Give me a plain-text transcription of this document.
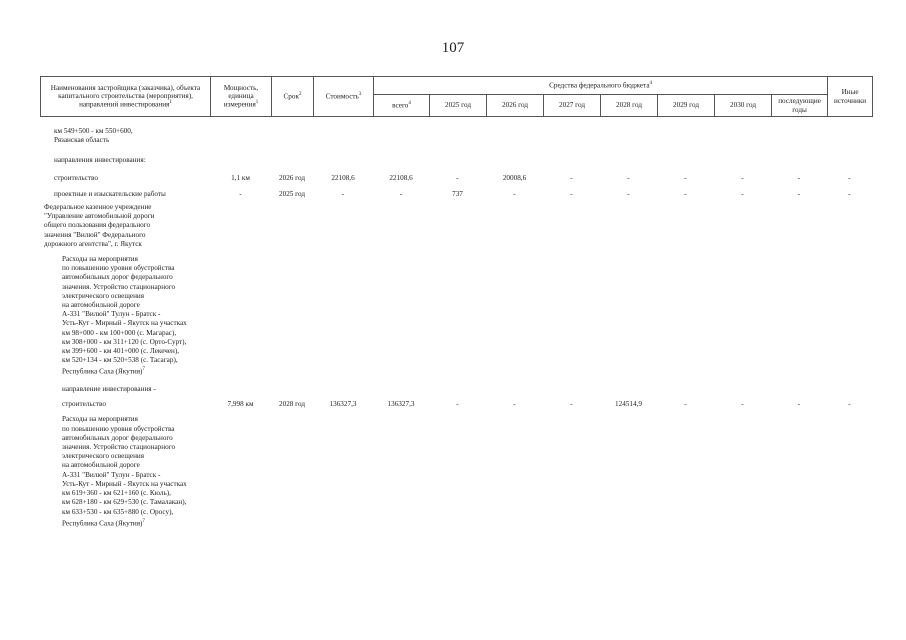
107
Наименования застройщика (заказчика), объекта капитального строительства (мероприятия), направлений инвестирования$^1$	Мощность, единица измерения$^1$	Срок$^2$	Стоимость$^3$	Средства федерального бюджета$^4$								Иные источники
				всего$^4$	2025 год	2026 год	2027 год	2028 год	2029 год	2030 год	последующие годы	
км 549+500 - км 550+600,
Рязанская область
направления инвестирования:
строительство	1,1 км	2026 год	22108,6	22108,6	-	20008,6	-	-	-	-	-	-
проектные и изыскательские работы	-	2025 год	-	-	737	-	-	-	-	-	-	-
Федеральное казенное учреждение
"Управление автомобильной дороги
общего пользования федерального
значения "Вилюй" Федерального
дорожного агентства", г. Якутск
Расходы на мероприятия
по повышению уровня обустройства
автомобильных дорог федерального
значения. Устройство стационарного
электрического освещения
на автомобильной дороге
А-331 "Вилюй" Тулун - Братск -
Усть-Кут - Мирный - Якутск на участках
км 98+000 - км 100+000 (с. Магарас),
км 308+000 - км 311+120 (с. Орто-Сурт),
км 399+600 - км 401+000 (с. Лекечен),
км 520+134 - км 520+538 (с. Тасагар),
Республика Саха (Якутия)$^7$
направление инвестирования -
строительство	7,998 км	2028 год	136327,3	136327,3	-	-	-	124514,9	-	-	-	-
Расходы на мероприятия
по повышению уровня обустройства
автомобильных дорог федерального
значения. Устройство стационарного
электрического освещения
на автомобильной дороге
А-331 "Вилюй" Тулун - Братск -
Усть-Кут - Мирный - Якутск на участках
км 619+360 - км 621+160 (с. Кюль),
км 628+180 - км 629+530 (с. Тамалакан),
км 633+530 - км 635+880 (с. Оросу),
Республика Саха (Якутия)$^7$
